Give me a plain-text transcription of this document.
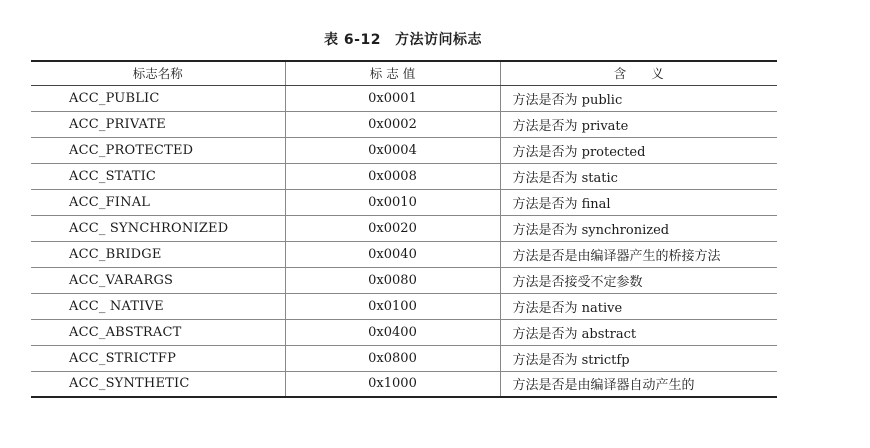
表 6-12 方法访问标志
标志名称	标 志 值	含　　义
ACC_PUBLIC	0x0001	方法是否为 public
ACC_PRIVATE	0x0002	方法是否为 private
ACC_PROTECTED	0x0004	方法是否为 protected
ACC_STATIC	0x0008	方法是否为 static
ACC_FINAL	0x0010	方法是否为 final
ACC_ SYNCHRONIZED	0x0020	方法是否为 synchronized
ACC_BRIDGE	0x0040	方法是否是由编译器产生的桥接方法
ACC_VARARGS	0x0080	方法是否接受不定参数
ACC_ NATIVE	0x0100	方法是否为 native
ACC_ABSTRACT	0x0400	方法是否为 abstract
ACC_STRICTFP	0x0800	方法是否为 strictfp
ACC_SYNTHETIC	0x1000	方法是否是由编译器自动产生的
